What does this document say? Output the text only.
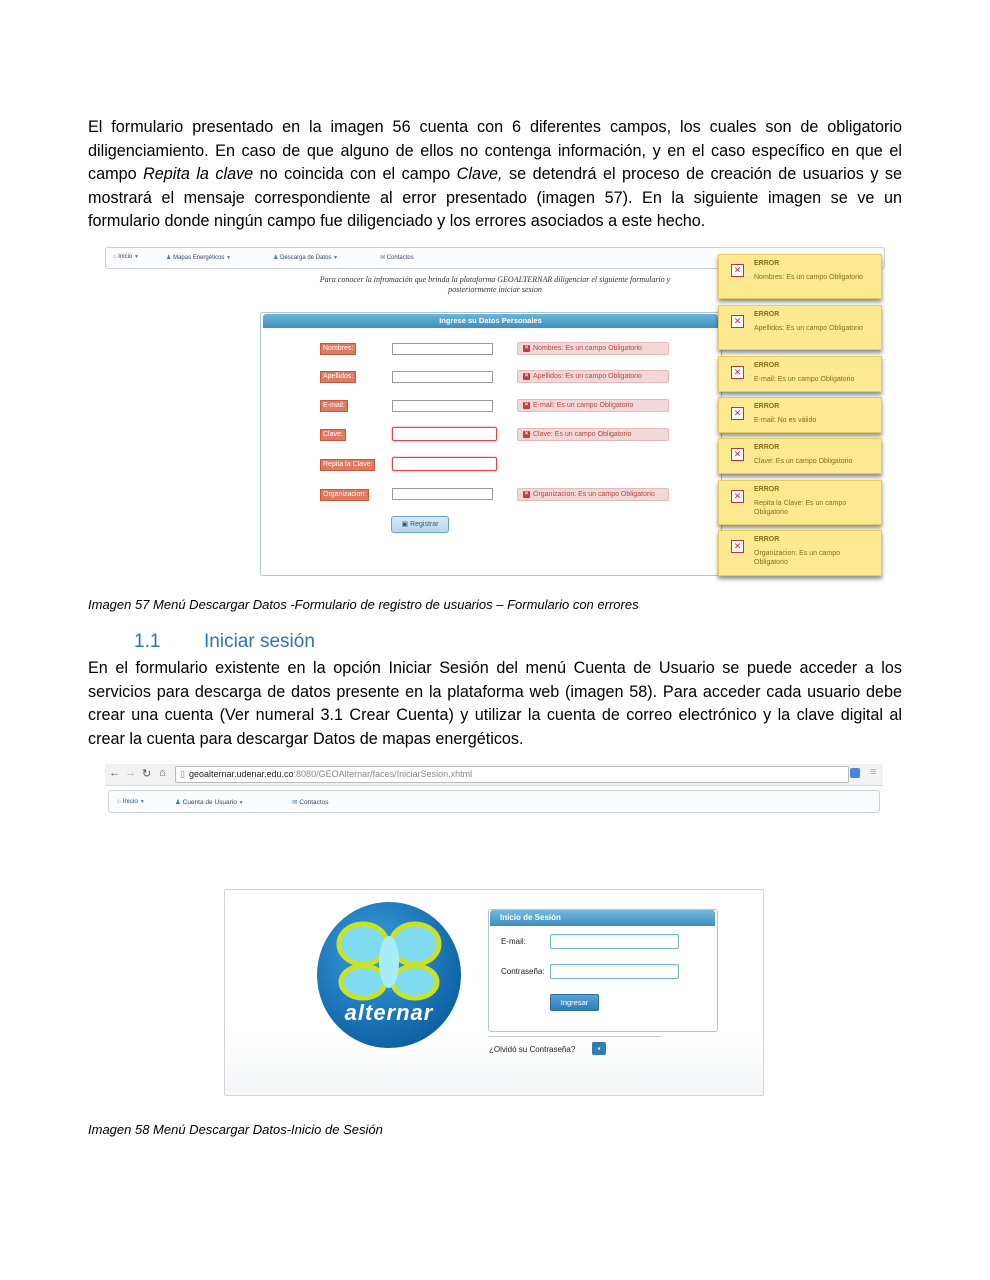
El formulario presentado en la imagen 56 cuenta con 6 diferentes campos, los cuales son de obligatorio diligenciamiento. En caso de que alguno de ellos no contenga información, y en el caso específico en que el campo Repita la clave no coincida con el campo Clave, se detendrá el proceso de creación de usuarios y se mostrará el mensaje correspondiente al error presentado (imagen 57). En la siguiente imagen se ve un formulario donde ningún campo fue diligenciado y los errores asociados a este hecho.
⌂ Inicio ▼	♟ Mapas Energéticos ▼	♟ Descarga de Datos ▼	✉ Contactos
Para conocer la infromación que brinda la plataforma GEOALTERNAR diligenciar el siguiente formulario y posteriormente iniciar sesion
Ingrese su Datos Personales
Nombres:	✕ Nombres: Es un campo Obligatorio
Apellidos:	✕ Apellidos: Es un campo Obligatorio
E-mail:	✕ E-mail: Es un campo Obligatorio
Clave:	✕ Clave: Es un campo Obligatorio
Repita la Clave:
Organizacion:	✕ Organizacion: Es un campo Obligatorio
▣ Registrar
✕
ERROR
Nombres: Es un campo Obligatorio
✕
ERROR
Apellidos: Es un campo Obligatorio
✕
ERROR
E-mail: Es un campo Obligatorio
✕
ERROR
E-mail: No es válido
✕
ERROR
Clave: Es un campo Obligatorio
✕
ERROR
Repita la Clave: Es un campo Obligatorio
✕
ERROR
Organizacion: Es un campo Obligatorio
Imagen 57 Menú Descargar Datos -Formulario de registro de usuarios – Formulario con errores
1.1 Iniciar sesión
En el formulario existente en la opción Iniciar Sesión del menú Cuenta de Usuario se puede acceder a los servicios para descarga de datos presente en la plataforma web (imagen 58). Para acceder cada usuario debe crear una cuenta (Ver numeral 3.1 Crear Cuenta) y utilizar la cuenta de correo electrónico y la clave digital al crear la cuenta para descargar Datos de mapas energéticos.
← → ↻ ⌂	≡
▯ geoalternar.udenar.edu.co:8080/GEOAlternar/faces/IniciarSesion.xhtml
⌂ Inicio ▼	♟ Cuenta de Usuario ▼	✉ Contactos
alternar
Inicio de Sesión
E-mail:
Contraseña:
Ingresar
¿Olvidó su Contraseña?	▪
Imagen 58 Menú Descargar Datos-Inicio de Sesión
